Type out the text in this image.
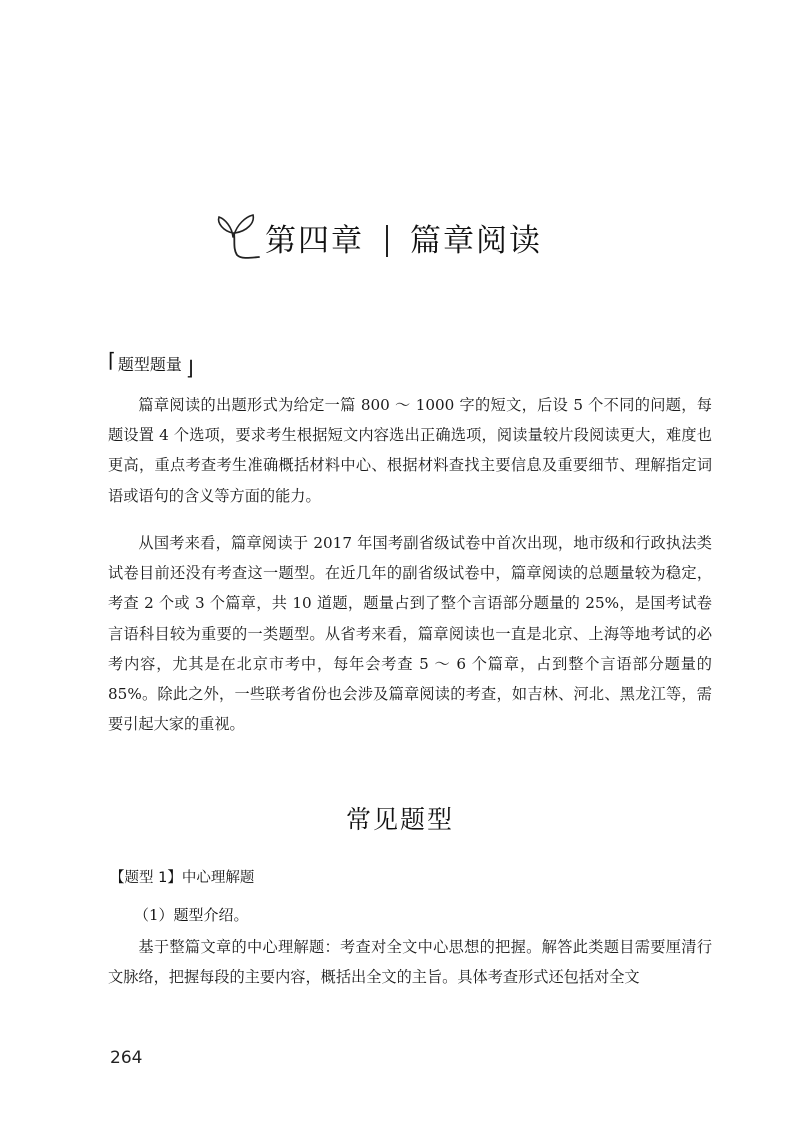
第四章 篇章阅读
⌈ 题型题量 ⌋

篇章阅读的出题形式为给定一篇 800 ～ 1000 字的短文，后设 5 个不同的问题，每题设置 4 个选项，要求考生根据短文内容选出正确选项，阅读量较片段阅读更大，难度也更高，重点考查考生准确概括材料中心、根据材料查找主要信息及重要细节、理解指定词语或语句的含义等方面的能力。

从国考来看，篇章阅读于 2017 年国考副省级试卷中首次出现，地市级和行政执法类试卷目前还没有考查这一题型。在近几年的副省级试卷中，篇章阅读的总题量较为稳定，考查 2 个或 3 个篇章，共 10 道题，题量占到了整个言语部分题量的 25%，是国考试卷言语科目较为重要的一类题型。从省考来看，篇章阅读也一直是北京、上海等地考试的必考内容，尤其是在北京市考中，每年会考查 5 ～ 6 个篇章，占到整个言语部分题量的 85%。除此之外，一些联考省份也会涉及篇章阅读的考查，如吉林、河北、黑龙江等，需要引起大家的重视。

常见题型
【题型 1】中心理解题
（1）题型介绍。

基于整篇文章的中心理解题：考查对全文中心思想的把握。解答此类题目需要厘清行文脉络，把握每段的主要内容，概括出全文的主旨。具体考查形式还包括对全文

264
